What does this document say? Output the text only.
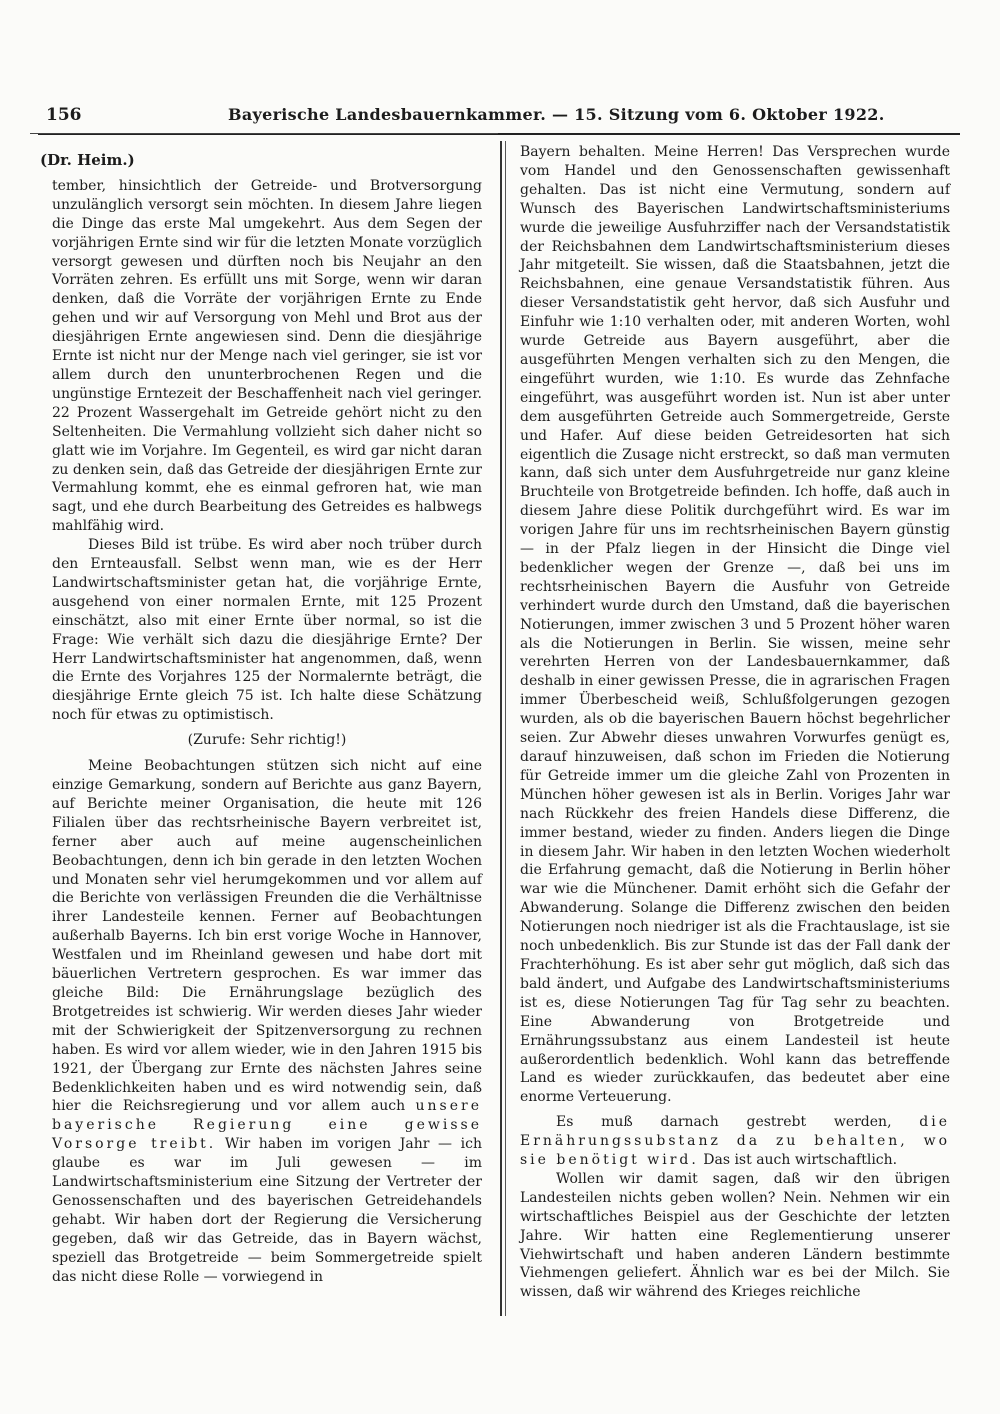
156	Bayerische Landesbauernkammer. — 15. Sitzung vom 6. Oktober 1922.

(Dr. Heim.)

tember, hinsichtlich der Getreide- und Brotversorgung unzulänglich versorgt sein möchten. In diesem Jahre liegen die Dinge das erste Mal umgekehrt. Aus dem Segen der vorjährigen Ernte sind wir für die letzten Monate vorzüglich versorgt gewesen und dürften noch bis Neujahr an den Vorräten zehren. Es erfüllt uns mit Sorge, wenn wir daran denken, daß die Vorräte der vorjährigen Ernte zu Ende gehen und wir auf Versorgung von Mehl und Brot aus der diesjährigen Ernte angewiesen sind. Denn die diesjährige Ernte ist nicht nur der Menge nach viel geringer, sie ist vor allem durch den ununterbrochenen Regen und die ungünstige Erntezeit der Beschaffenheit nach viel geringer. 22 Prozent Wassergehalt im Getreide gehört nicht zu den Seltenheiten. Die Vermahlung vollzieht sich daher nicht so glatt wie im Vorjahre. Im Gegenteil, es wird gar nicht daran zu denken sein, daß das Getreide der diesjährigen Ernte zur Vermahlung kommt, ehe es einmal gefroren hat, wie man sagt, und ehe durch Bearbeitung des Getreides es halbwegs mahlfähig wird.

Dieses Bild ist trübe. Es wird aber noch trüber durch den Ernteausfall. Selbst wenn man, wie es der Herr Landwirtschaftsminister getan hat, die vorjährige Ernte, ausgehend von einer normalen Ernte, mit 125 Prozent einschätzt, also mit einer Ernte über normal, so ist die Frage: Wie verhält sich dazu die diesjährige Ernte? Der Herr Landwirtschaftsminister hat angenommen, daß, wenn die Ernte des Vorjahres 125 der Normalernte beträgt, die diesjährige Ernte gleich 75 ist. Ich halte diese Schätzung noch für etwas zu optimistisch.

(Zurufe: Sehr richtig!)

Meine Beobachtungen stützen sich nicht auf eine einzige Gemarkung, sondern auf Berichte aus ganz Bayern, auf Berichte meiner Organisation, die heute mit 126 Filialen über das rechtsrheinische Bayern verbreitet ist, ferner aber auch auf meine augenscheinlichen Beobachtungen, denn ich bin gerade in den letzten Wochen und Monaten sehr viel herumgekommen und vor allem auf die Berichte von verlässigen Freunden die die Verhältnisse ihrer Landesteile kennen. Ferner auf Beobachtungen außerhalb Bayerns. Ich bin erst vorige Woche in Hannover, Westfalen und im Rheinland gewesen und habe dort mit bäuerlichen Vertretern gesprochen. Es war immer das gleiche Bild: Die Ernährungslage bezüglich des Brotgetreides ist schwierig. Wir werden dieses Jahr wieder mit der Schwierigkeit der Spitzenversorgung zu rechnen haben. Es wird vor allem wieder, wie in den Jahren 1915 bis 1921, der Übergang zur Ernte des nächsten Jahres seine Bedenklichkeiten haben und es wird notwendig sein, daß hier die Reichsregierung und vor allem auch unsere bayerische Regierung eine gewisse Vorsorge treibt. Wir haben im vorigen Jahr — ich glaube es war im Juli gewesen — im Landwirtschaftsministerium eine Sitzung der Vertreter der Genossenschaften und des bayerischen Getreidehandels gehabt. Wir haben dort der Regierung die Versicherung gegeben, daß wir das Getreide, das in Bayern wächst, speziell das Brotgetreide — beim Sommergetreide spielt das nicht diese Rolle — vorwiegend in

Bayern behalten. Meine Herren! Das Versprechen wurde vom Handel und den Genossenschaften gewissenhaft gehalten. Das ist nicht eine Vermutung, sondern auf Wunsch des Bayerischen Landwirtschaftsministeriums wurde die jeweilige Ausfuhrziffer nach der Versandstatistik der Reichsbahnen dem Landwirtschaftsministerium dieses Jahr mitgeteilt. Sie wissen, daß die Staatsbahnen, jetzt die Reichsbahnen, eine genaue Versandstatistik führen. Aus dieser Versandstatistik geht hervor, daß sich Ausfuhr und Einfuhr wie 1:10 verhalten oder, mit anderen Worten, wohl wurde Getreide aus Bayern ausgeführt, aber die ausgeführten Mengen verhalten sich zu den Mengen, die eingeführt wurden, wie 1:10. Es wurde das Zehnfache eingeführt, was ausgeführt worden ist. Nun ist aber unter dem ausgeführten Getreide auch Sommergetreide, Gerste und Hafer. Auf diese beiden Getreidesorten hat sich eigentlich die Zusage nicht erstreckt, so daß man vermuten kann, daß sich unter dem Ausfuhrgetreide nur ganz kleine Bruchteile von Brotgetreide befinden. Ich hoffe, daß auch in diesem Jahre diese Politik durchgeführt wird. Es war im vorigen Jahre für uns im rechtsrheinischen Bayern günstig — in der Pfalz liegen in der Hinsicht die Dinge viel bedenklicher wegen der Grenze —, daß bei uns im rechtsrheinischen Bayern die Ausfuhr von Getreide verhindert wurde durch den Umstand, daß die bayerischen Notierungen, immer zwischen 3 und 5 Prozent höher waren als die Notierungen in Berlin. Sie wissen, meine sehr verehrten Herren von der Landesbauernkammer, daß deshalb in einer gewissen Presse, die in agrarischen Fragen immer Überbescheid weiß, Schlußfolgerungen gezogen wurden, als ob die bayerischen Bauern höchst begehrlicher seien. Zur Abwehr dieses unwahren Vorwurfes genügt es, darauf hinzuweisen, daß schon im Frieden die Notierung für Getreide immer um die gleiche Zahl von Prozenten in München höher gewesen ist als in Berlin. Voriges Jahr war nach Rückkehr des freien Handels diese Differenz, die immer bestand, wieder zu finden. Anders liegen die Dinge in diesem Jahr. Wir haben in den letzten Wochen wiederholt die Erfahrung gemacht, daß die Notierung in Berlin höher war wie die Münchener. Damit erhöht sich die Gefahr der Abwanderung. Solange die Differenz zwischen den beiden Notierungen noch niedriger ist als die Frachtauslage, ist sie noch unbedenklich. Bis zur Stunde ist das der Fall dank der Frachterhöhung. Es ist aber sehr gut möglich, daß sich das bald ändert, und Aufgabe des Landwirtschaftsministeriums ist es, diese Notierungen Tag für Tag sehr zu beachten. Eine Abwanderung von Brotgetreide und Ernährungssubstanz aus einem Landesteil ist heute außerordentlich bedenklich. Wohl kann das betreffende Land es wieder zurückkaufen, das bedeutet aber eine enorme Verteuerung.

Es muß darnach gestrebt werden, die Ernährungssubstanz da zu behalten, wo sie benötigt wird. Das ist auch wirtschaftlich.

Wollen wir damit sagen, daß wir den übrigen Landesteilen nichts geben wollen? Nein. Nehmen wir ein wirtschaftliches Beispiel aus der Geschichte der letzten Jahre. Wir hatten eine Reglementierung unserer Viehwirtschaft und haben anderen Ländern bestimmte Viehmengen geliefert. Ähnlich war es bei der Milch. Sie wissen, daß wir während des Krieges reichliche
